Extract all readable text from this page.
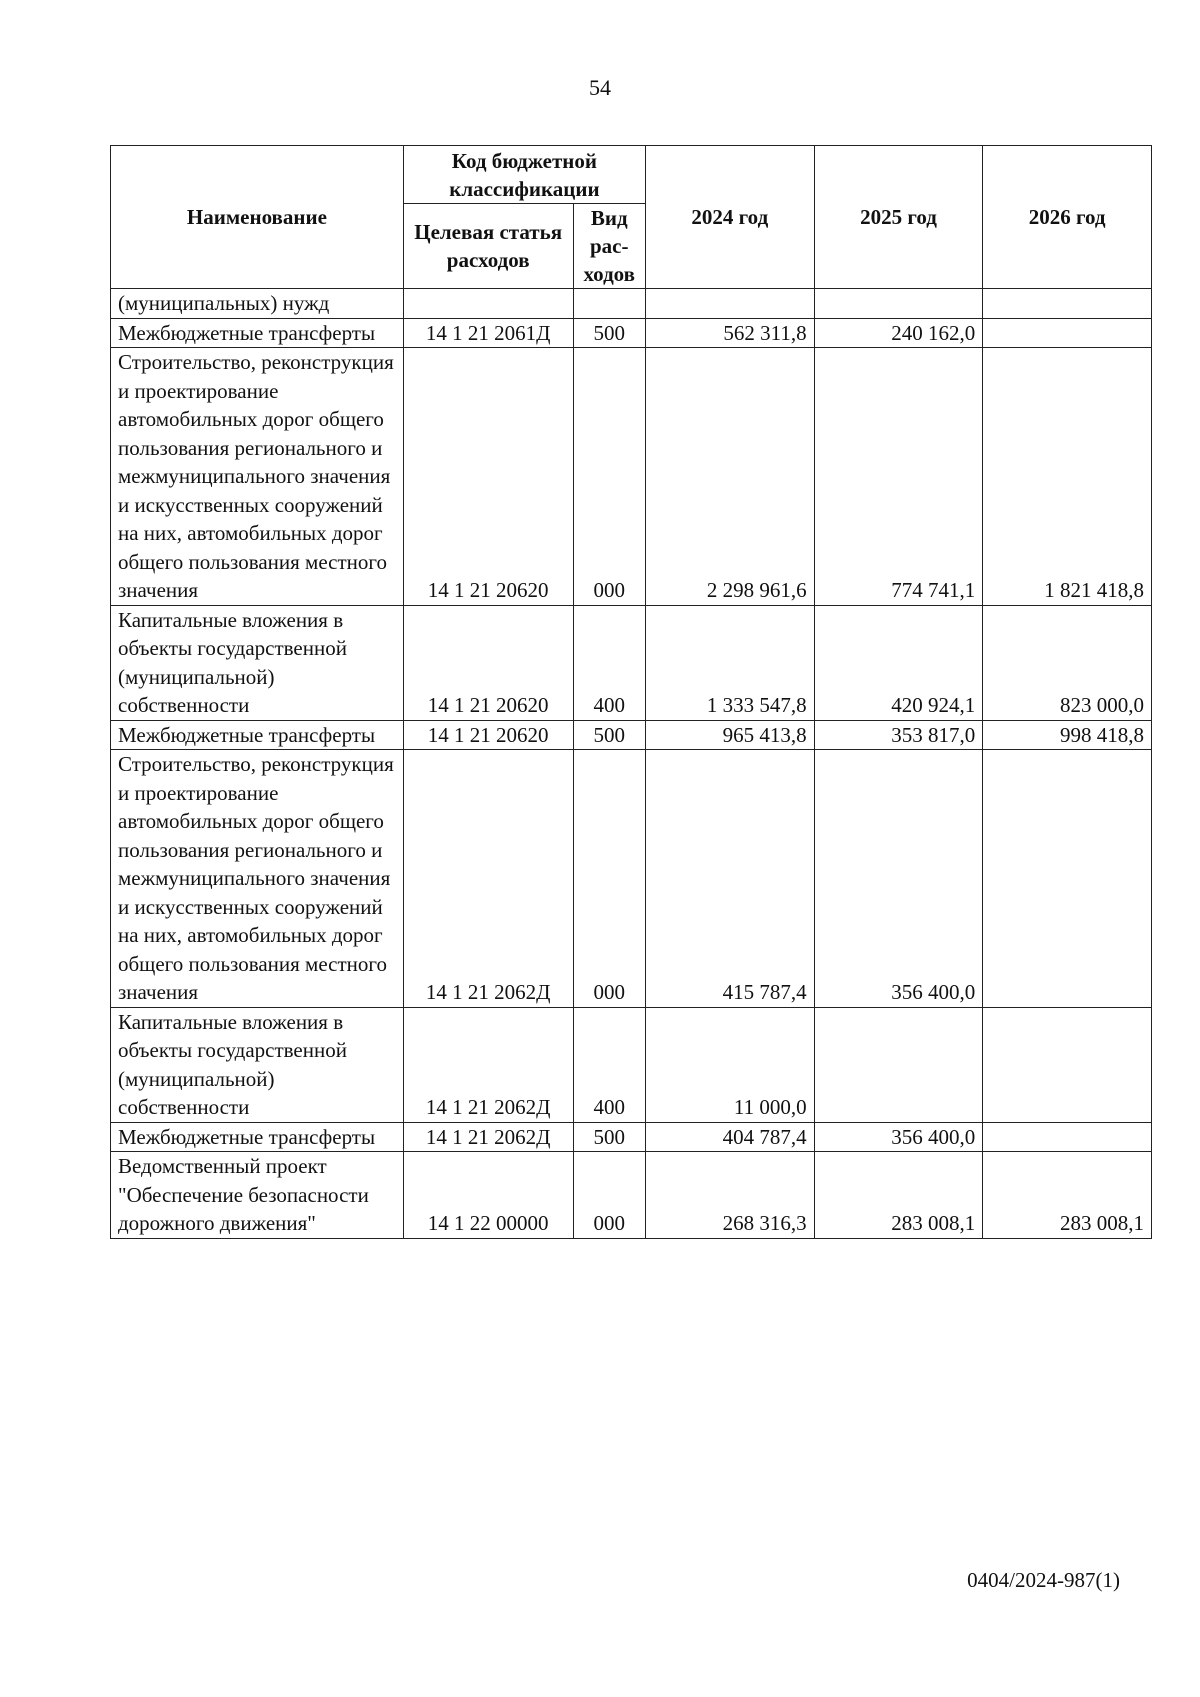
54
Наименование	Код бюджетной классификации		2024 год	2025 год	2026 год
	Целевая статья расходов	Вид рас-ходов			
(муниципальных) нужд					
Межбюджетные трансферты	14 1 21 2061Д	500	562 311,8	240 162,0	
Строительство, реконструкция и проектирование автомобильных дорог общего пользования регионального и межмуниципального значения и искусственных сооружений на них, автомобильных дорог общего пользования местного значения	14 1 21 20620	000	2 298 961,6	774 741,1	1 821 418,8
Капитальные вложения в объекты государственной (муниципальной) собственности	14 1 21 20620	400	1 333 547,8	420 924,1	823 000,0
Межбюджетные трансферты	14 1 21 20620	500	965 413,8	353 817,0	998 418,8
Строительство, реконструкция и проектирование автомобильных дорог общего пользования регионального и межмуниципального значения и искусственных сооружений на них, автомобильных дорог общего пользования местного значения	14 1 21 2062Д	000	415 787,4	356 400,0	
Капитальные вложения в объекты государственной (муниципальной) собственности	14 1 21 2062Д	400	11 000,0		
Межбюджетные трансферты	14 1 21 2062Д	500	404 787,4	356 400,0	
Ведомственный проект "Обеспечение безопасности дорожного движения"	14 1 22 00000	000	268 316,3	283 008,1	283 008,1
0404/2024-987(1)
